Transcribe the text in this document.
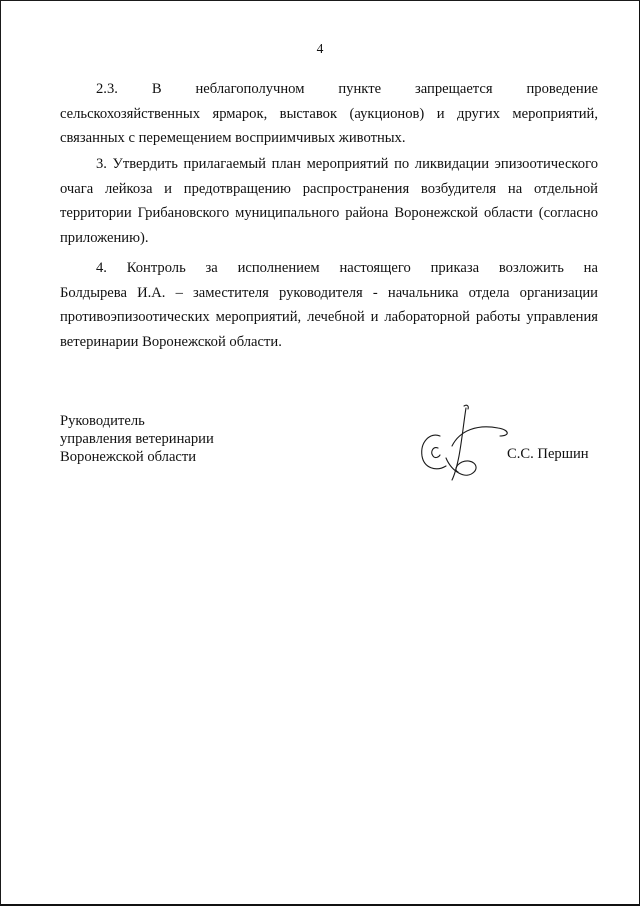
4
2.3. В неблагополучном пункте запрещается проведение
сельскохозяйственных ярмарок, выставок (аукционов) и других мероприятий,
связанных с перемещением восприимчивых животных.
3. Утвердить прилагаемый план мероприятий по ликвидации эпизоотического
очага лейкоза и предотвращению распространения возбудителя на отдельной
территории Грибановского муниципального района Воронежской области (согласно
приложению).
4. Контроль за исполнением настоящего приказа возложить на
Болдырева И.А. – заместителя руководителя - начальника отдела организации
противоэпизоотических мероприятий, лечебной и лабораторной работы управления
ветеринарии Воронежской области.
Руководитель
управления ветеринарии
Воронежской области	С.С. Першин
